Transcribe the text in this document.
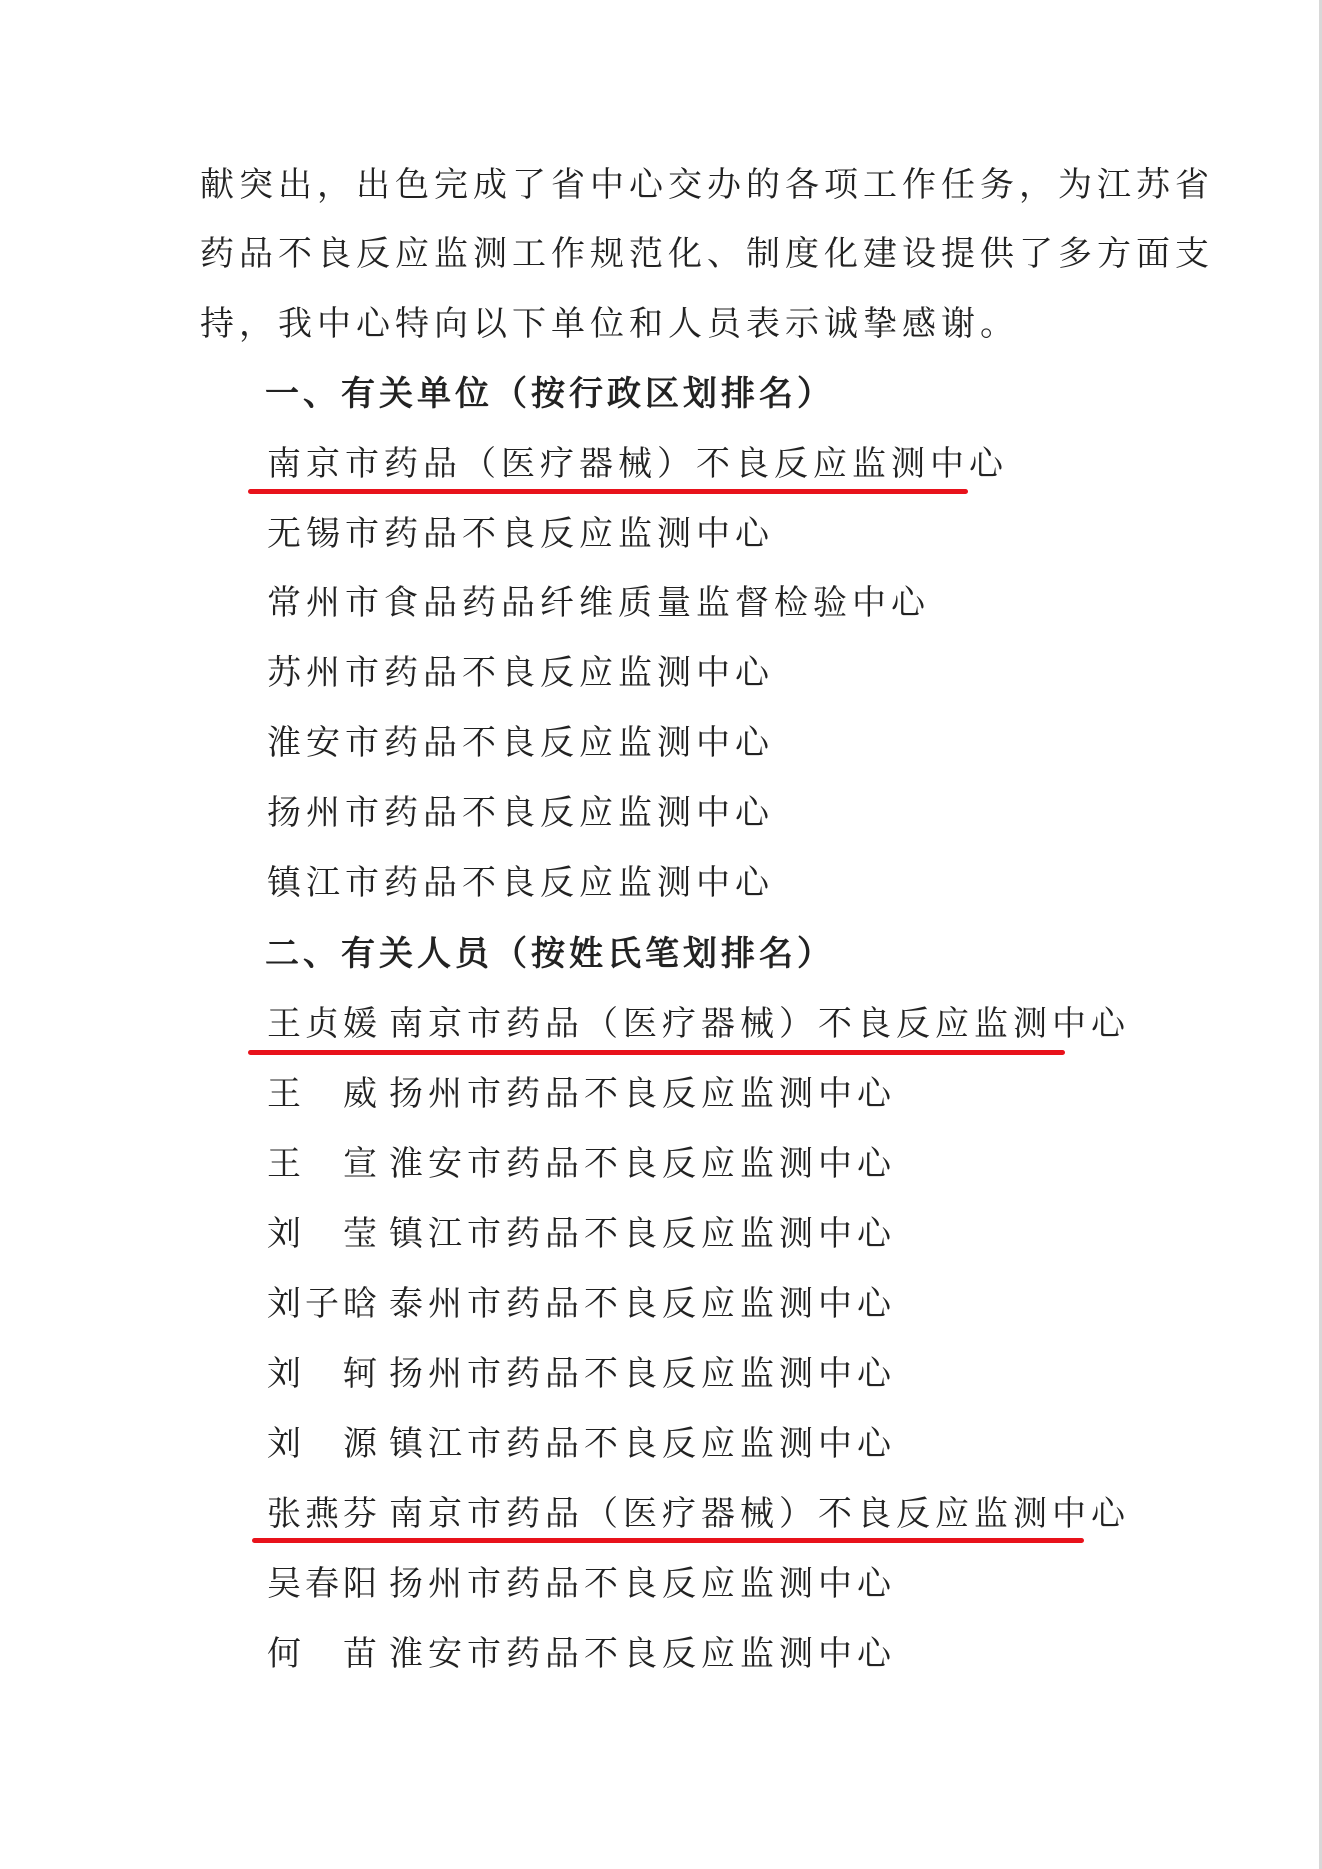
献突出，出色完成了省中心交办的各项工作任务，为江苏省
药品不良反应监测工作规范化、制度化建设提供了多方面支
持，我中心特向以下单位和人员表示诚挚感谢。
一、有关单位（按行政区划排名）
南京市药品（医疗器械）不良反应监测中心
无锡市药品不良反应监测中心
常州市食品药品纤维质量监督检验中心
苏州市药品不良反应监测中心
淮安市药品不良反应监测中心
扬州市药品不良反应监测中心
镇江市药品不良反应监测中心
二、有关人员（按姓氏笔划排名）
王贞媛 南京市药品（医疗器械）不良反应监测中心
王　威 扬州市药品不良反应监测中心
王　宣 淮安市药品不良反应监测中心
刘　莹 镇江市药品不良反应监测中心
刘子晗 泰州市药品不良反应监测中心
刘　轲 扬州市药品不良反应监测中心
刘　源 镇江市药品不良反应监测中心
张燕芬 南京市药品（医疗器械）不良反应监测中心
吴春阳 扬州市药品不良反应监测中心
何　苗 淮安市药品不良反应监测中心
